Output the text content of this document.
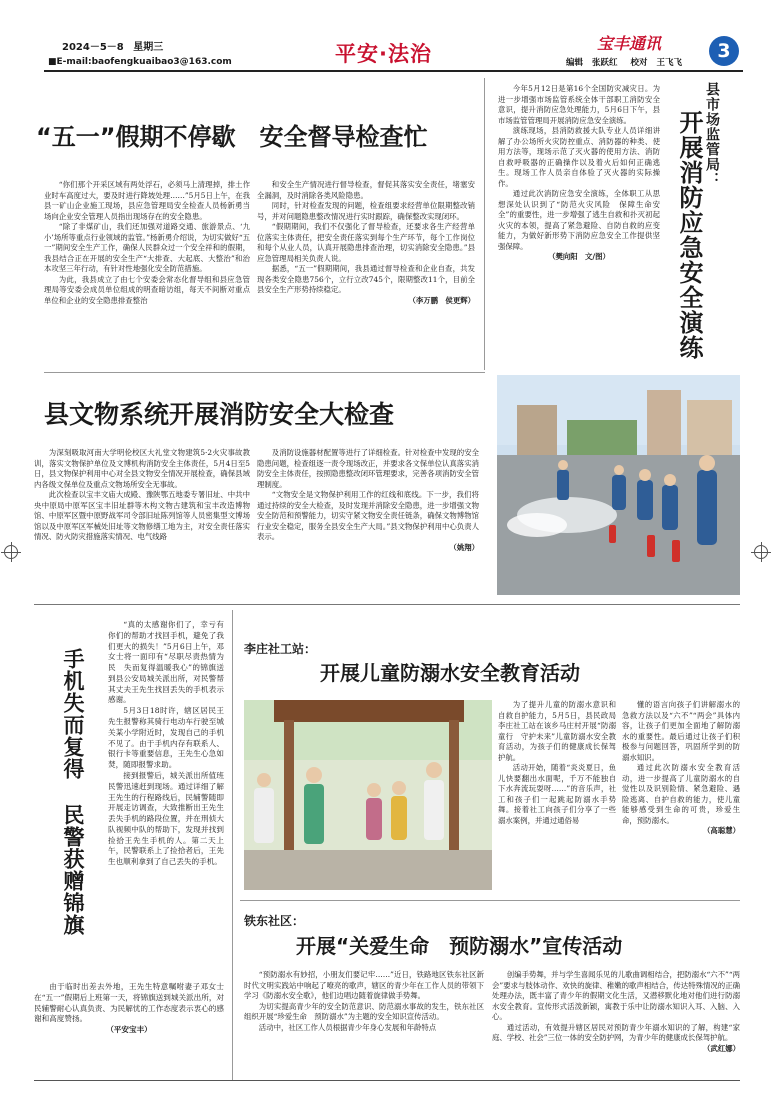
2024－5－8 星期三
■E-mail:baofengkuaibao3@163.com	平安·法治	宝丰通讯
编辑 张跃红 校对 王飞飞
3
“五一”假期不停歇　安全督导检查忙

“你们那个开采区域有两处浮石，必须马上清理掉，排土作业时车高度过大，要及时进行降坡处理……”5月5日上午，在我县一矿山企业施工现场，县应急管理局安全检查人员杨新勇当场向企业安全管理人员指出现场存在的安全隐患。

“除了非煤矿山，我们还加强对道路交通、旅游景点、‘九小’场所等重点行业领域的监管。”杨新勇介绍说，为切实做好“五一”期间安全生产工作，确保人民群众过一个安全祥和的假期，我县结合正在开展的安全生产“大排查、大起底、大整治”和治本攻坚三年行动，有针对性地强化安全防范措施。

为此，我县成立了由七个安委会常态化督导组和县应急管理局等安委会成员单位组成的明查暗访组，每天不间断对重点单位和企业的安全隐患排查整治

和安全生产情况进行督导检查，督促其落实安全责任，堵塞安全漏洞，及时消除各类风险隐患。

同时，针对检查发现的问题，检查组要求经营单位限期整改销号，并对问题隐患整改情况进行实时跟踪，确保整改实现闭环。

“假期期间，我们不仅强化了督导检查，还要求各生产经营单位落实主体责任，把安全责任落实到每个生产环节，每个工作岗位和每个从业人员，认真开展隐患排查治理，切实消除安全隐患。”县应急管理局相关负责人说。

据悉，“五一”假期期间，我县通过督导检查和企业自查，共发现各类安全隐患756个，立行立改745个，限期整改11个，目前全县安全生产形势持续稳定。

（李万鹏　侯更辉）

今年5月12日是第16个全国防灾减灾日。为进一步增强市场监管系统全体干部职工消防安全意识，提升消防应急处理能力，5月6日下午，县市场监管管理局开展消防应急安全演练。

演练现场，县消防救援大队专业人员详细讲解了办公场所火灾防控重点、消防器的种类、使用方法等，现场示范了灭火器的使用方法、消防自救呼吸器的正确操作以及着火后如何正确逃生。现场工作人员亲自体验了灭火器的实际操作。

通过此次消防应急安全演练，全体职工从思想深处认识到了“防范火灾风险　保障生命安全”的重要性，进一步增强了逃生自救和扑灭初起火灾的本领，提高了紧急避险、自防自救的应变能力，为做好新形势下消防应急安全工作提供坚强保障。

（樊向阳　文/图）
县市场监管局：
开展消防应急安全演练
县文物系统开展消防安全大检查

为深刻吸取河南大学明伦校区大礼堂文物建筑5·2火灾事故教训，落实文物保护单位及文博机构消防安全主体责任，5月4日至5日，县文物保护利用中心对全县文物安全情况开展检查，确保县域内各级文保单位及重点文物场所安全无事故。

此次检查以宝丰文庙大成殿、豫陕鄂五地委专署旧址、中共中央中原局中原军区宝丰旧址群等木构文物古建筑和宝丰改造博物馆、中原军区暨中原野战军司令部旧址陈列馆等人员密集型文博场馆以及中原军区军械处旧址等文物修缮工地为主，对安全责任落实情况、防火防灾措施落实情况、电气线路

及消防设施器材配置等进行了详细检查。针对检查中发现的安全隐患问题，检查组逐一责令现场改正，并要求各文保单位认真落实消防安全主体责任，按照隐患整改闭环管理要求，完善各项消防安全管理制度。

“文物安全是文物保护利用工作的红线和底线。下一步，我们将通过持续的安全大检查，及时发现并消除安全隐患，进一步增强文物安全防范和预警能力，切实守紧文物安全责任链条，确保文物博物馆行业安全稳定，服务全县安全生产大局。”县文物保护利用中心负责人表示。

（姚翔）
手机失而复得
民警获赠锦旗

“真的太感谢你们了，幸亏有你们的帮助才找回手机，避免了我们更大的损失！”5月6日上午，邓女士将一面印有“尽职尽责热情为民　失而复得温暖我心”的锦旗送到县公安局城关派出所，对民警帮其丈夫王先生找回丢失的手机表示感谢。

5月3日18时许，辖区居民王先生报警称其骑行电动车行驶至城关某小学附近时，发现自己的手机不见了。由于手机内存有联系人、银行卡等重要信息，王先生心急如焚，随即报警求助。

接到报警后，城关派出所值班民警迅速赶到现场。通过详细了解王先生的行程路线后，民辅警随即开展走访调查，大致推断出王先生丢失手机的路段位置，并在刑侦大队视频中队的帮助下，发现并找到捡拾王先生手机的人。第二天上午，民警联系上了捡拾者后，王先生也顺利拿到了自己丢失的手机。

由于临时出差去外地，王先生特意嘱咐妻子邓女士在“五一”假期后上班第一天，将锦旗送到城关派出所，对民辅警耐心认真负责、为民解忧的工作态度表示衷心的感谢和高度赞扬。

（平安宝丰）
李庄社工站：
开展儿童防溺水安全教育活动

为了提升儿童的防溺水意识和自救自护能力，5月5日，县民政局李庄社工站在该乡马庄村开展“防溺童行　守护未来”儿童防溺水安全教育活动，为孩子们的健康成长保驾护航。

活动开始，随着“炎炎夏日，鱼儿快要翻出水面呢，千万不能独自下水奔流玩耍呀……”的音乐声，社工和孩子们一起跳起防溺水手势舞。接着社工向孩子们分享了一些溺水案例，并通过通俗易

懂的语言向孩子们讲解溺水的急救方法以及“六不”“两会”具体内容，让孩子们更加全面地了解防溺水的重要性。最后通过让孩子们积极参与问题回答，巩固所学到的防溺水知识。

通过此次防溺水安全教育活动，进一步提高了儿童防溺水的自觉性以及识别险情、紧急避险、遇险逃离、自护自救的能力，使儿童能够感受到生命的可贵，珍爱生命，预防溺水。

（高聪慧）
铁东社区：
开展“关爱生命　预防溺水”宣传活动

“预防溺水有妙招，小朋友们要记牢……”近日，铁路地区铁东社区新时代文明实践站中响起了嘹亮的歌声，辖区的青少年在工作人员的带领下学习《防溺水安全歌》，他们边唱边随着旋律做手势舞。

为切实提高青少年的安全防范意识、防范溺水事故的发生，铁东社区组织开展“珍爱生命　预防溺水”为主题的安全知识宣传活动。

活动中，社区工作人员根据青少年身心发展和年龄特点

创编手势舞，并与学生喜闻乐见的儿歌曲调相结合，把防溺水“六不”“两会”要求与肢体动作、欢快的旋律、稚嫩的歌声相结合，传达特殊情况的正确处理办法，既丰富了青少年的假期文化生活，又潜移默化地对他们进行防溺水安全教育。宣传形式活泼新颖，寓教于乐中让防溺水知识入耳、入脑、入心。

通过活动，有效提升辖区居民对预防青少年溺水知识的了解，构建“家庭、学校、社会”三位一体的安全防护网，为青少年的健康成长保驾护航。

（武红娜）
